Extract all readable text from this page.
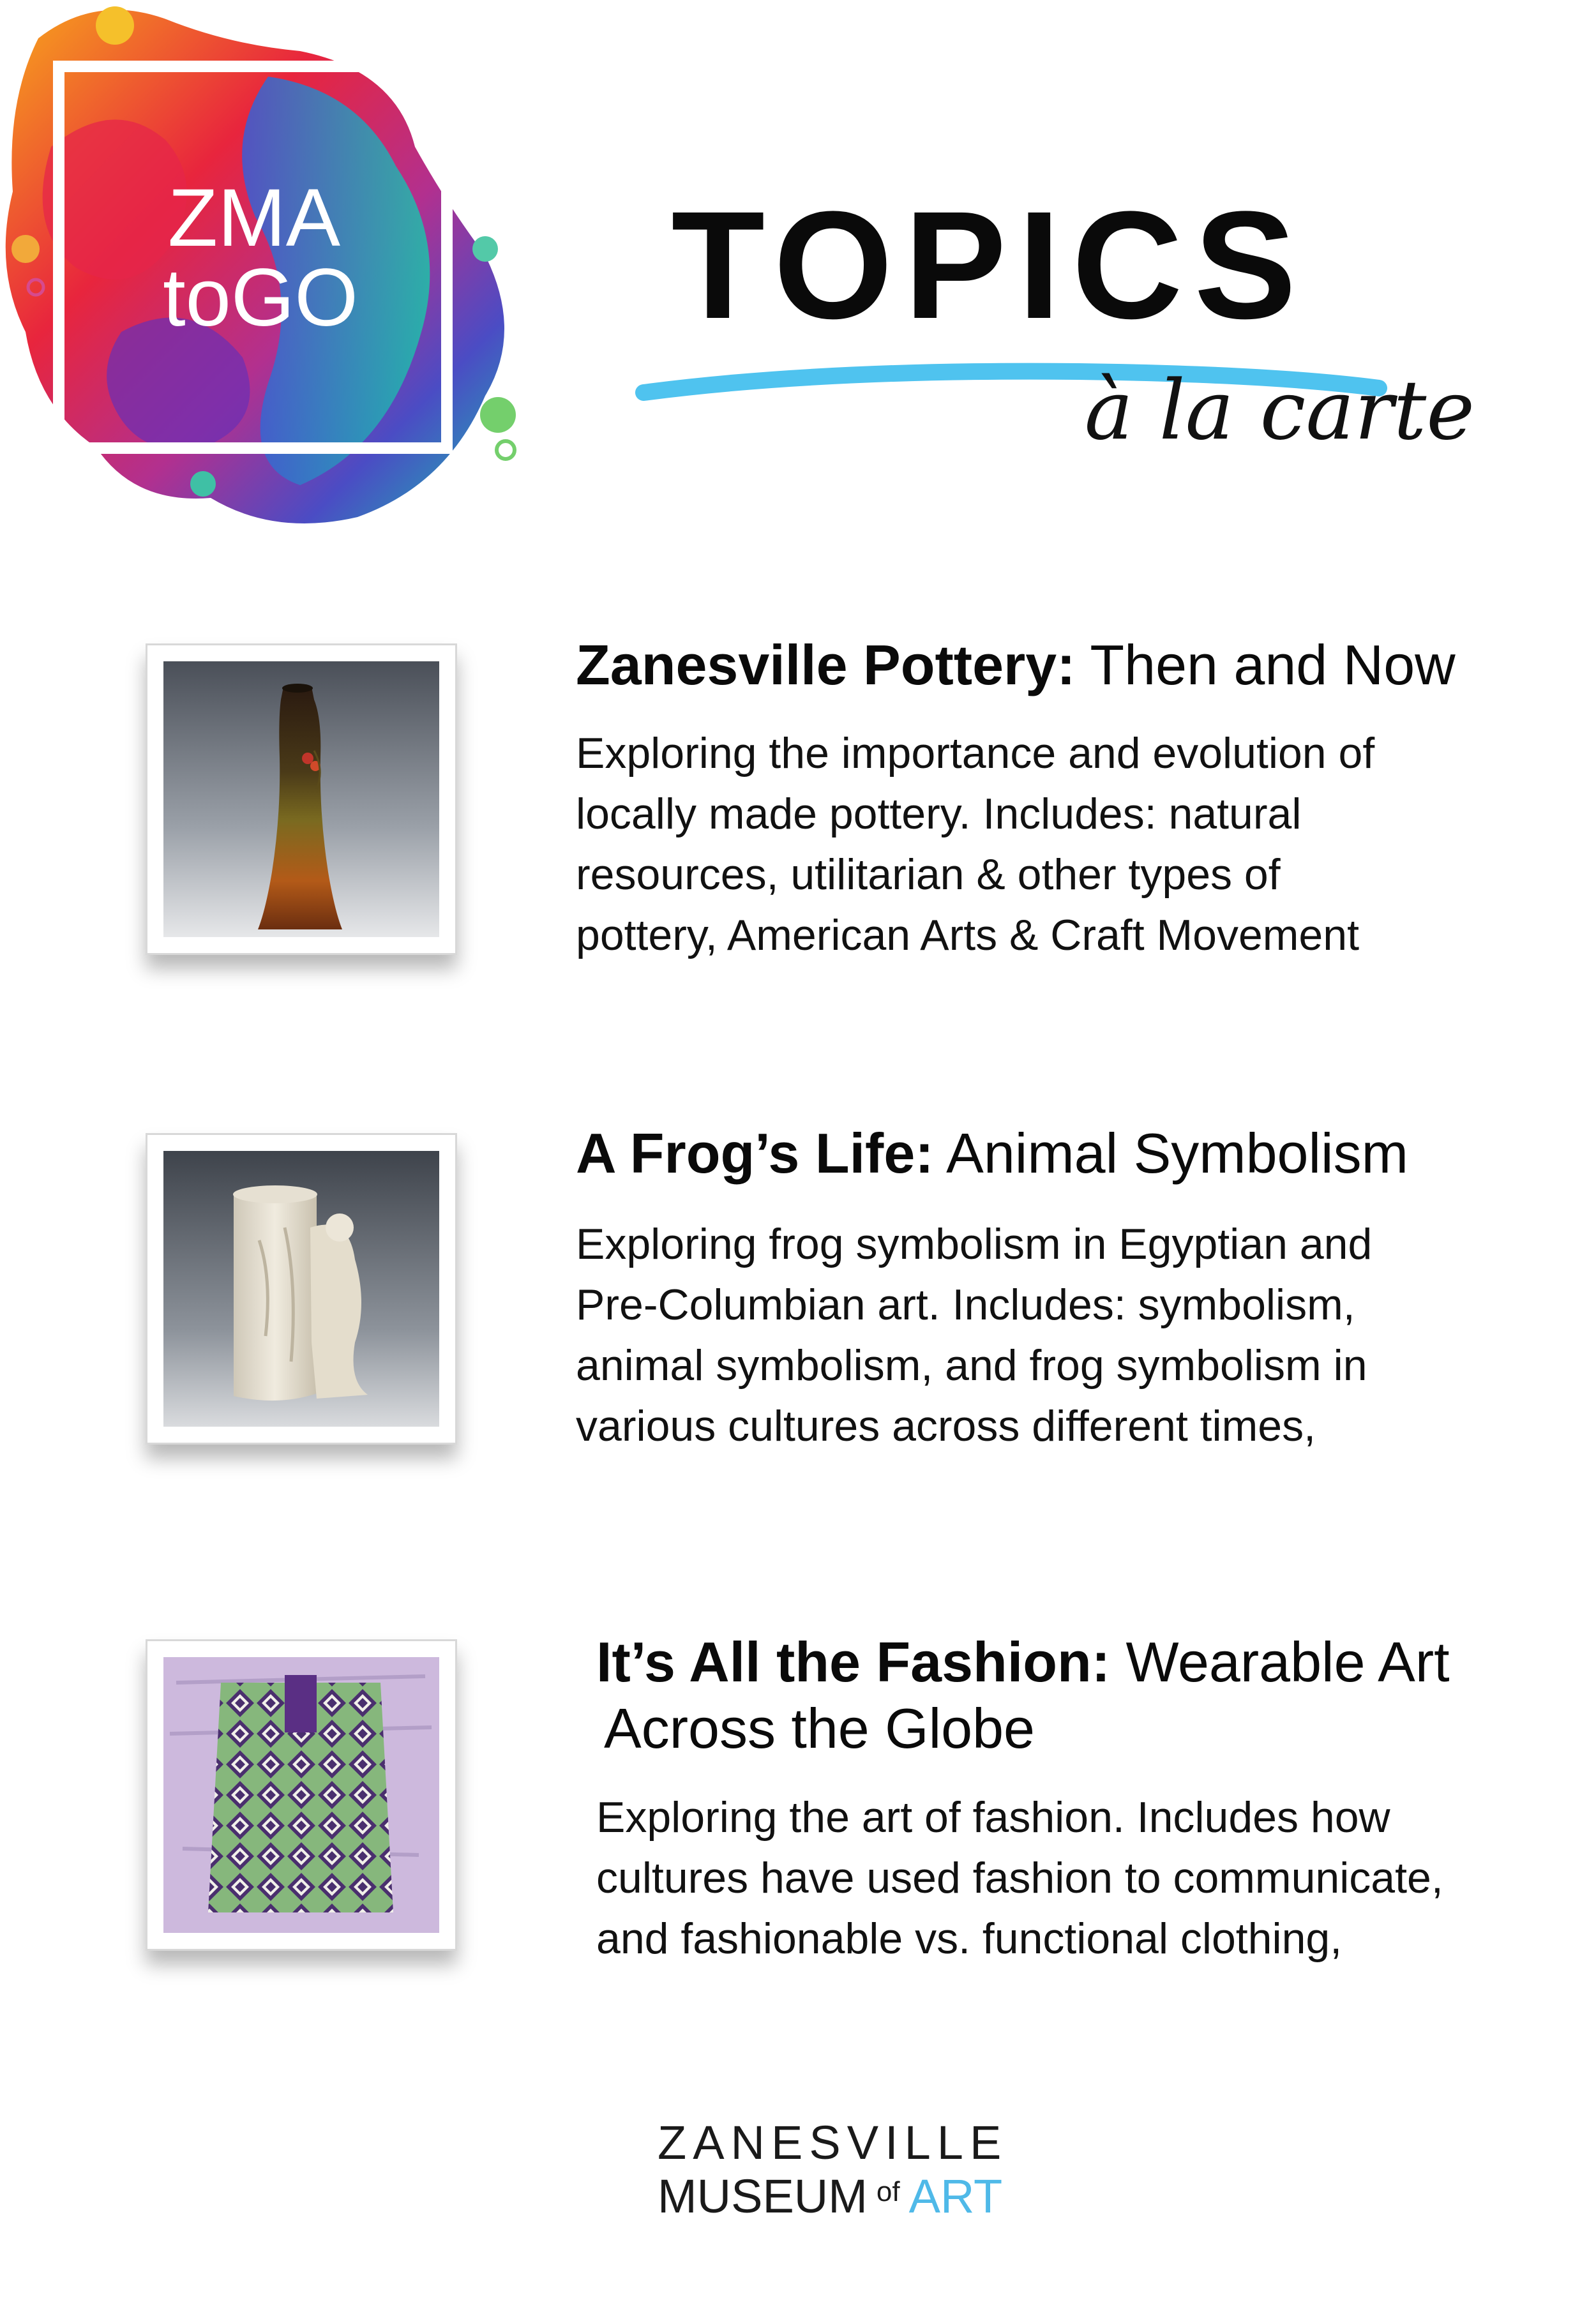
ZMA
toGO TOPICS
à la carte
Zanesville Pottery: Then and Now
Exploring the importance and evolution of
locally made pottery. Includes: natural
resources, utilitarian & other types of
pottery, American Arts & Craft Movement
A Frog’s Life: Animal Symbolism
Exploring frog symbolism in Egyptian and
Pre-Columbian art. Includes: symbolism,
animal symbolism, and frog symbolism in
various cultures across different times,
It’s All the Fashion: Wearable Art
Across the Globe
Exploring the art of fashion. Includes how
cultures have used fashion to communicate,
and fashionable vs. functional clothing,
ZANESVILLE
MUSEUM $^{of}$ ART
